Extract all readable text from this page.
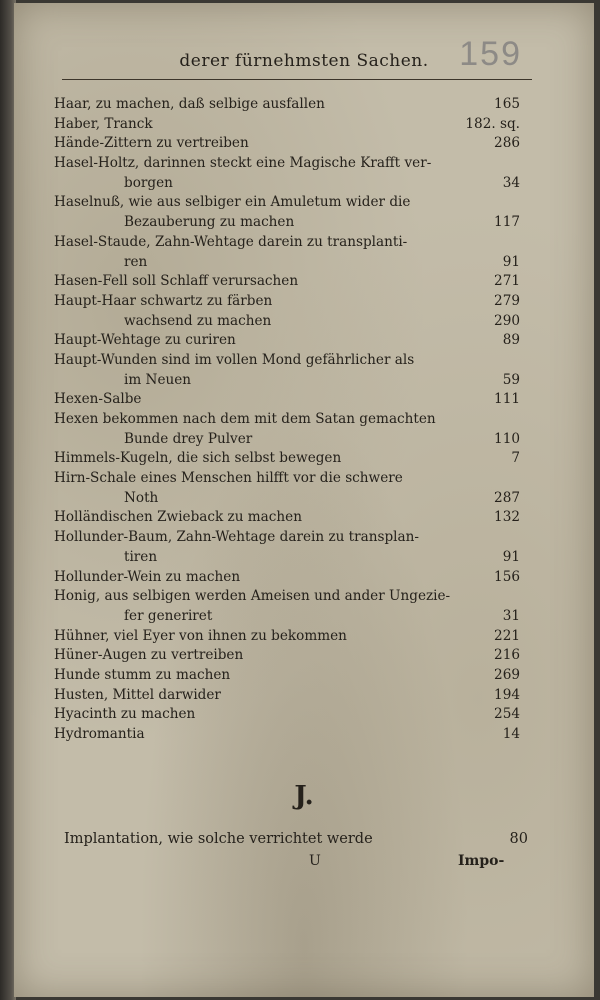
derer fürnehmsten Sachen. 159
Haar, zu machen, daß selbige ausfallen	165
Haber, Tranck	182. sq.
Hände-Zittern zu vertreiben	286
Hasel-Holtz, darinnen steckt eine Magische Krafft ver-
borgen	34
Haselnuß, wie aus selbiger ein Amuletum wider die
Bezauberung zu machen	117
Hasel-Staude, Zahn-Wehtage darein zu transplanti-
ren	91
Hasen-Fell soll Schlaff verursachen	271
Haupt-Haar schwartz zu färben	279
wachsend zu machen	290
Haupt-Wehtage zu curiren	89
Haupt-Wunden sind im vollen Mond gefährlicher als
im Neuen	59
Hexen-Salbe	111
Hexen bekommen nach dem mit dem Satan gemachten
Bunde drey Pulver	110
Himmels-Kugeln, die sich selbst bewegen	7
Hirn-Schale eines Menschen hilfft vor die schwere
Noth	287
Holländischen Zwieback zu machen	132
Hollunder-Baum, Zahn-Wehtage darein zu transplan-
tiren	91
Hollunder-Wein zu machen	156
Honig, aus selbigen werden Ameisen und ander Ungezie-
fer generiret	31
Hühner, viel Eyer von ihnen zu bekommen	221
Hüner-Augen zu vertreiben	216
Hunde stumm zu machen	269
Husten, Mittel darwider	194
Hyacinth zu machen	254
Hydromantia	14
J.
Implantation, wie solche verrichtet werde	80
U	Impo-
